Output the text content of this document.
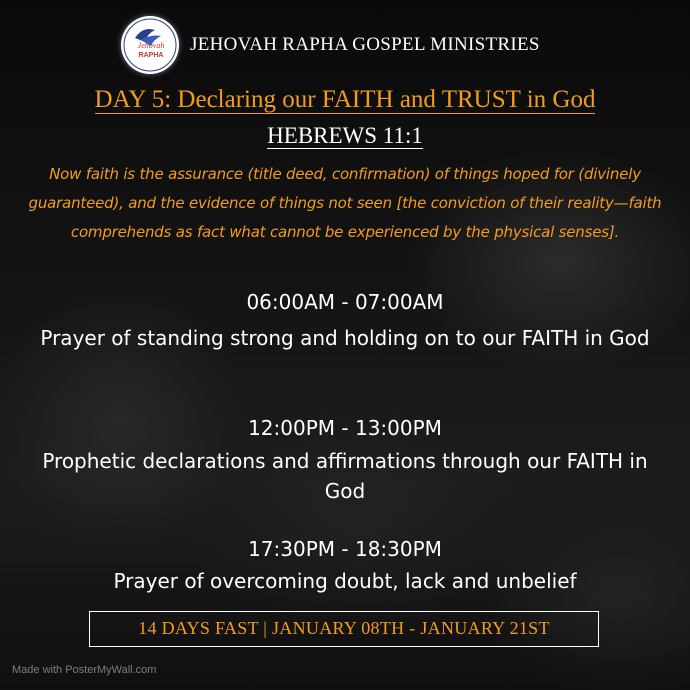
Jehovah
RAPHA
JEHOVAH RAPHA GOSPEL MINISTRIES
DAY 5: Declaring our FAITH and TRUST in God
HEBREWS 11:1
Now faith is the assurance (title deed, confirmation) of things hoped for (divinely guaranteed), and the evidence of things not seen [the conviction of their reality—faith comprehends as fact what cannot be experienced by the physical senses].
06:00AM - 07:00AM
Prayer of standing strong and holding on to our FAITH in God
12:00PM - 13:00PM
Prophetic declarations and affirmations through our FAITH in God
17:30PM - 18:30PM
Prayer of overcoming doubt, lack and unbelief
14 DAYS FAST | JANUARY 08TH - JANUARY 21ST
Made with PosterMyWall.com
